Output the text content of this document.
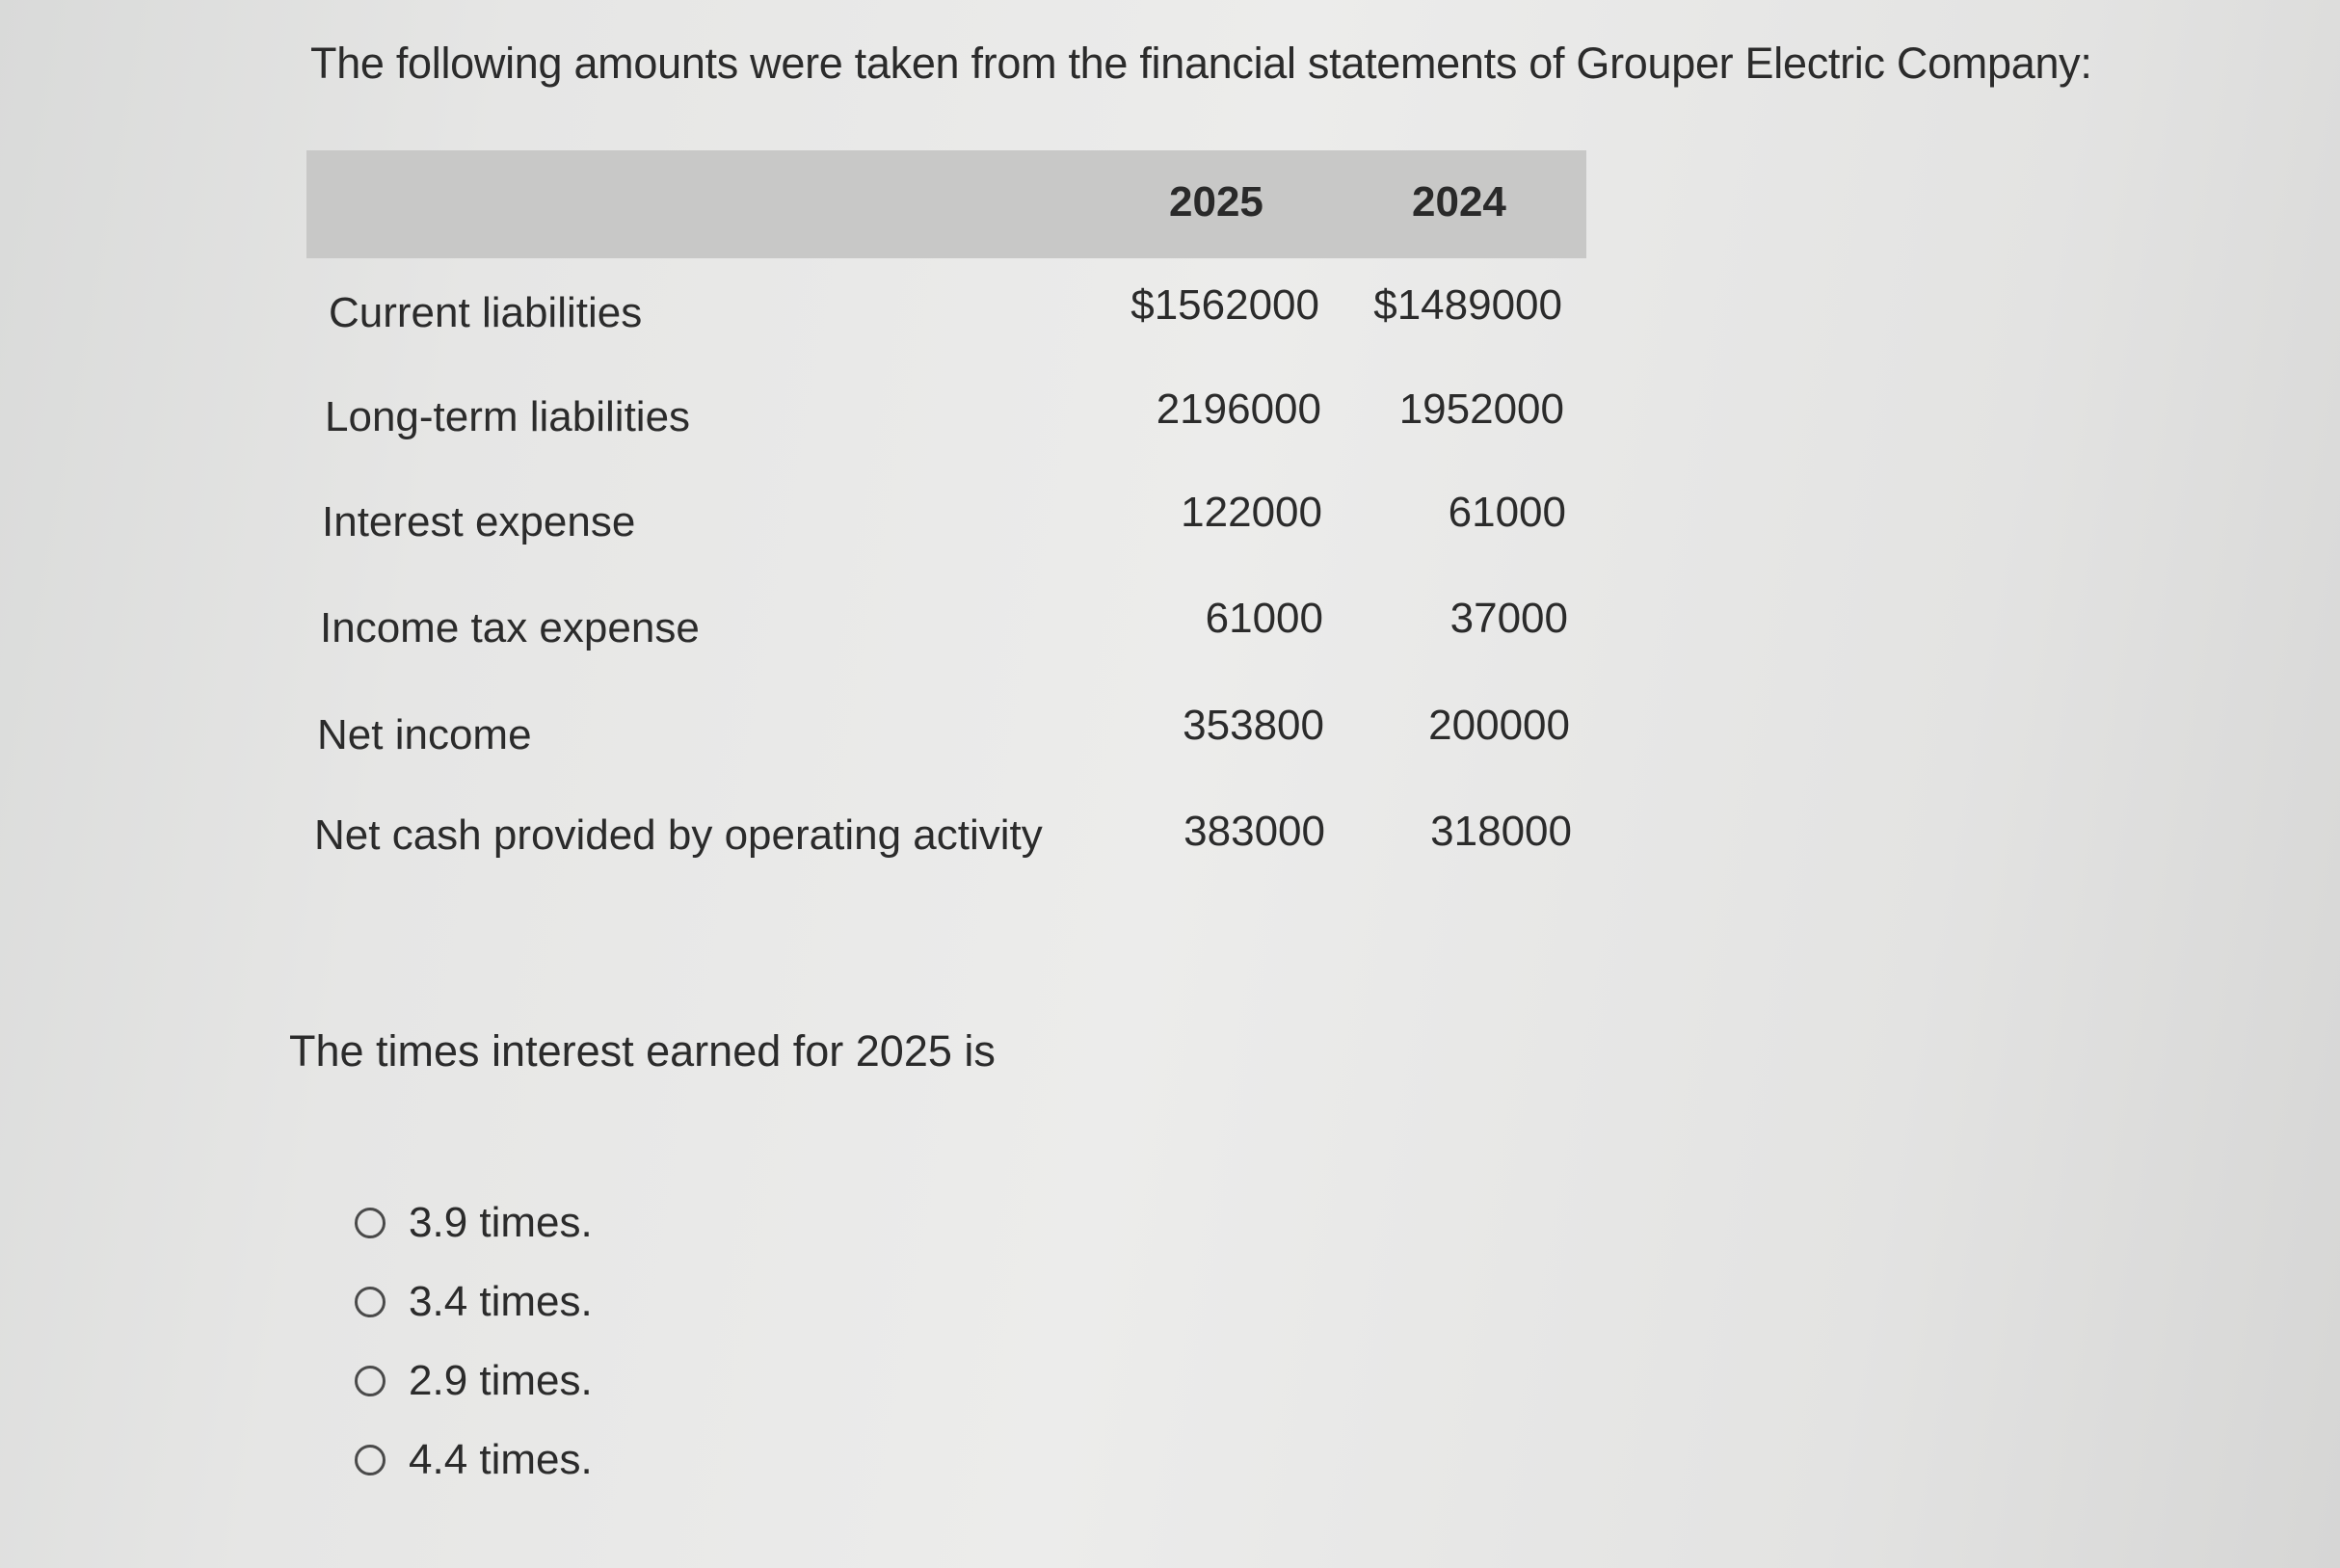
The following amounts were taken from the financial statements of Grouper Electric Company:
2025	2024
Current liabilities	$1562000 $1489000
Long-term liabilities	2196000 1952000
Interest expense	122000	61000
Income tax expense	61000	37000
Net income	353800 200000
Net cash provided by operating activity	383000 318000
The times interest earned for 2025 is
3.9 times.
3.4 times.
2.9 times.
4.4 times.
